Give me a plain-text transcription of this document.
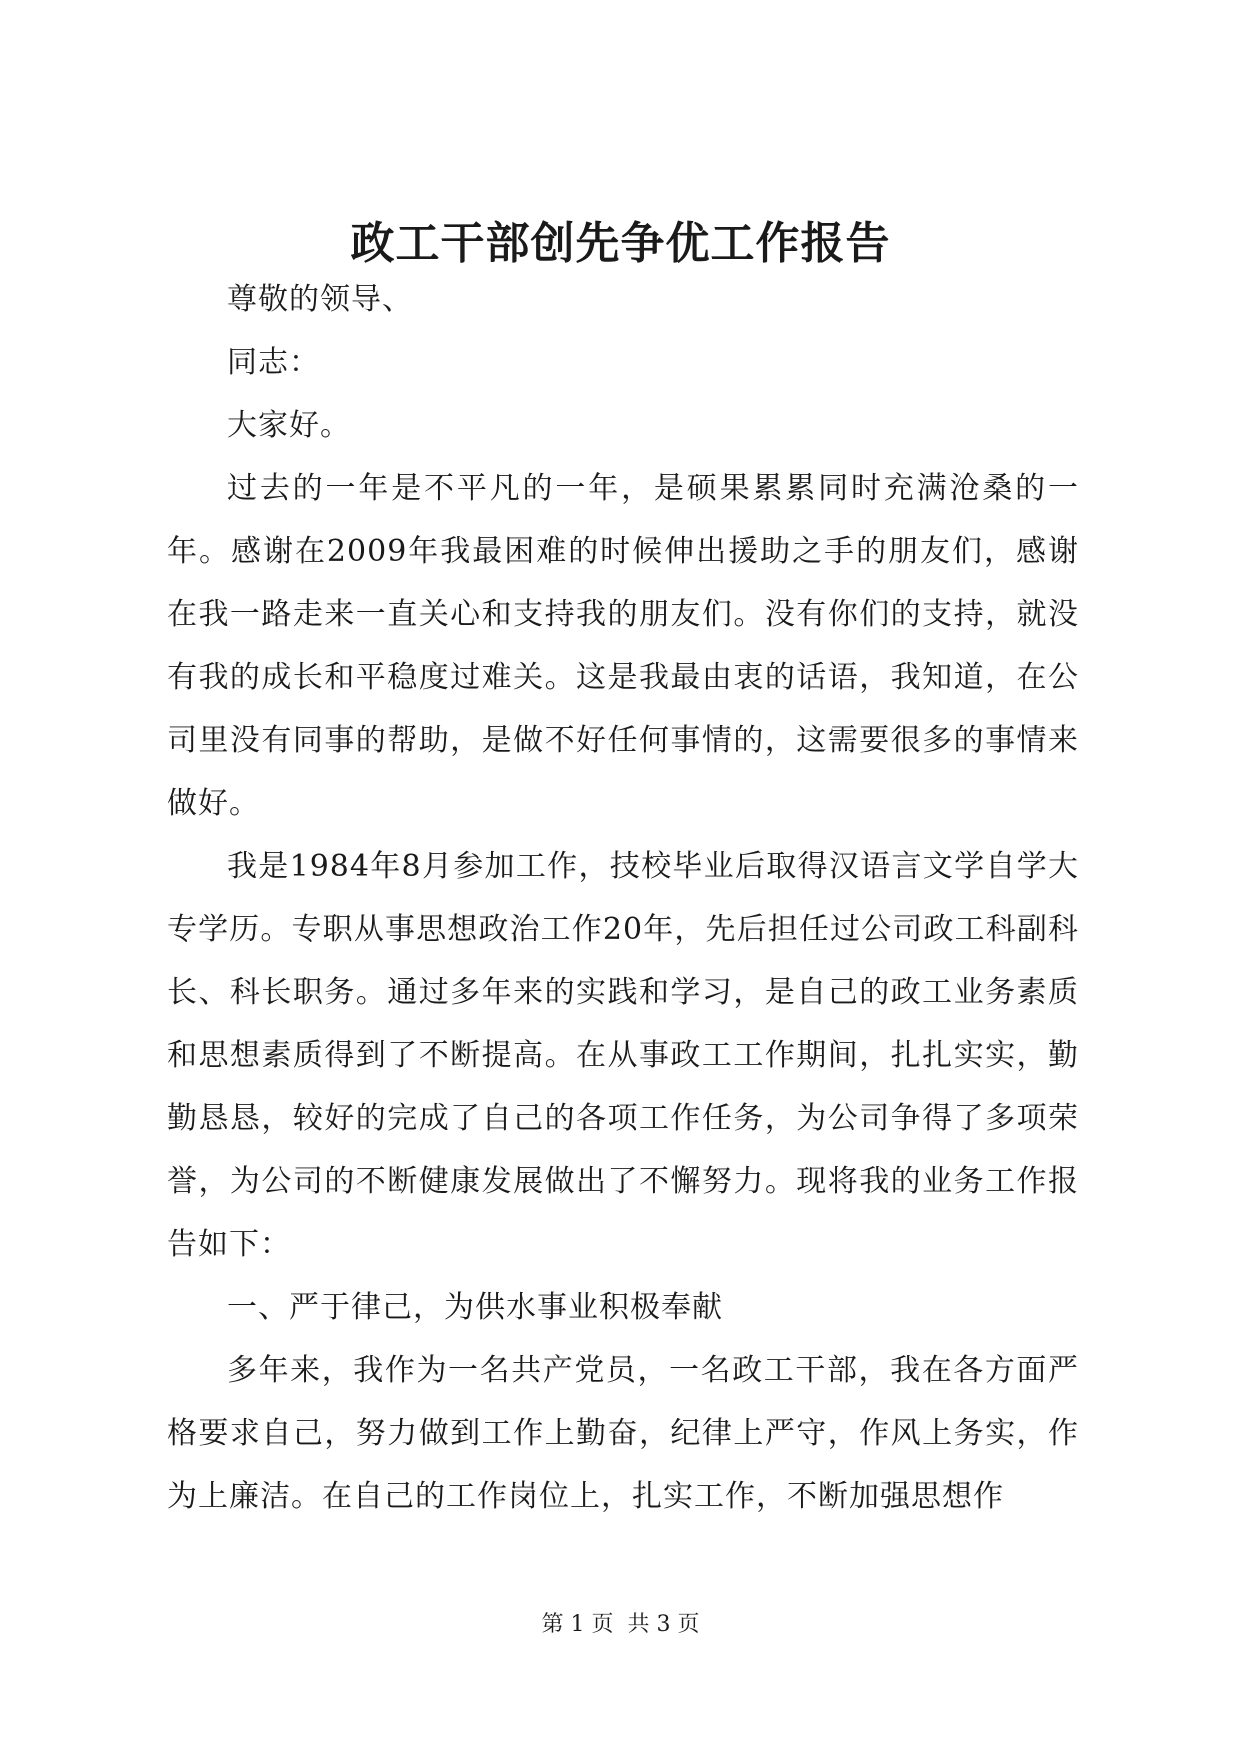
政工干部创先争优工作报告

尊敬的领导、

同志：

大家好。

过去的一年是不平凡的一年，是硕果累累同时充满沧桑的一年。感谢在2009年我最困难的时候伸出援助之手的朋友们，感谢在我一路走来一直关心和支持我的朋友们。没有你们的支持，就没有我的成长和平稳度过难关。这是我最由衷的话语，我知道，在公司里没有同事的帮助，是做不好任何事情的，这需要很多的事情来做好。

我是1984年8月参加工作，技校毕业后取得汉语言文学自学大专学历。专职从事思想政治工作20年，先后担任过公司政工科副科长、科长职务。通过多年来的实践和学习，是自己的政工业务素质和思想素质得到了不断提高。在从事政工工作期间，扎扎实实，勤勤恳恳，较好的完成了自己的各项工作任务，为公司争得了多项荣誉，为公司的不断健康发展做出了不懈努力。现将我的业务工作报告如下：

一、严于律己，为供水事业积极奉献

多年来，我作为一名共产党员，一名政工干部，我在各方面严格要求自己，努力做到工作上勤奋，纪律上严守，作风上务实，作为上廉洁。在自己的工作岗位上，扎实工作，不断加强思想作

第 1 页  共 3 页
